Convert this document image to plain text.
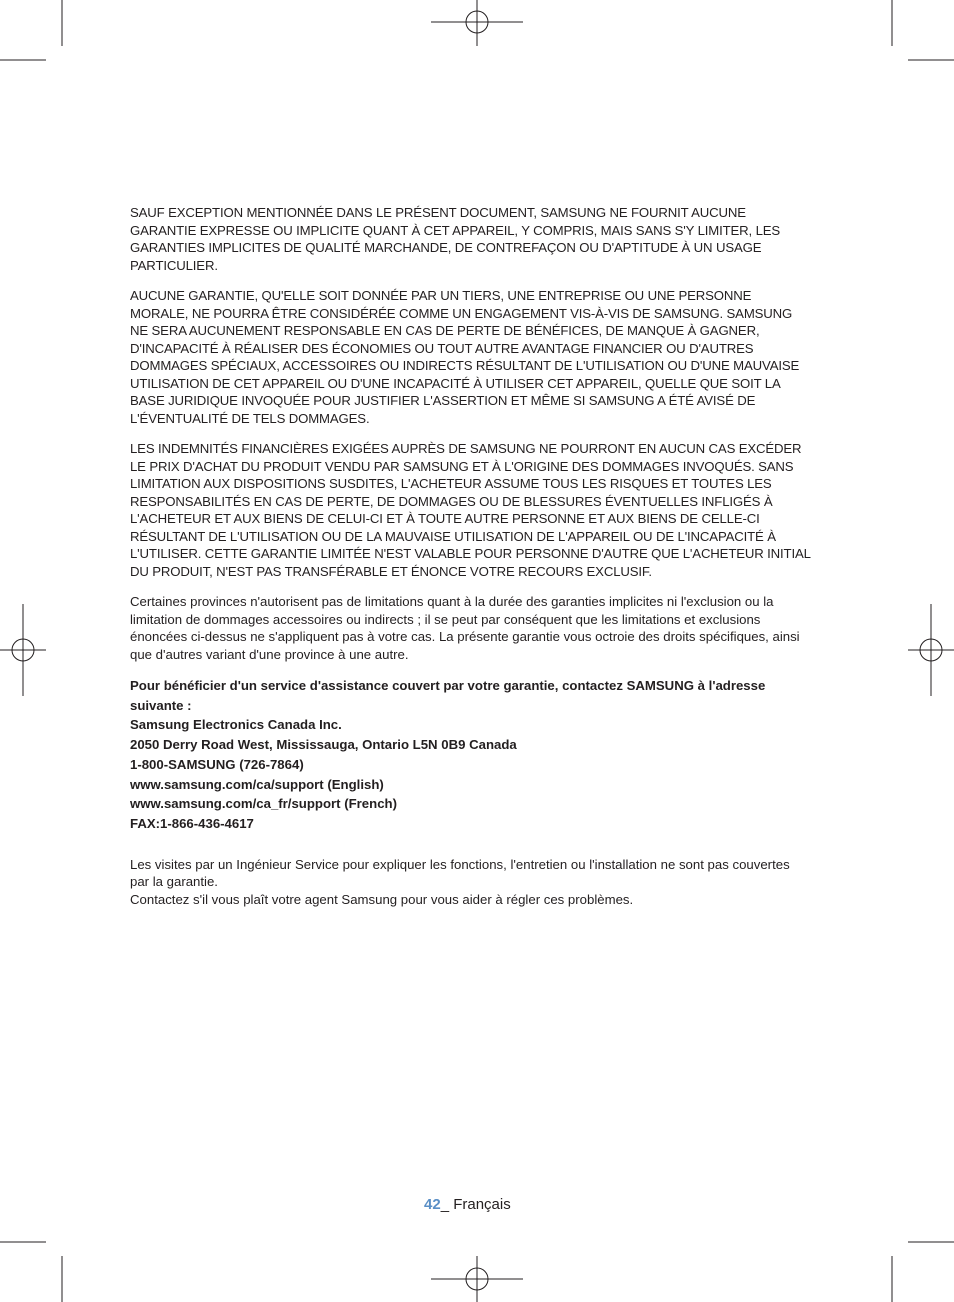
SAUF EXCEPTION MENTIONNÉE DANS LE PRÉSENT DOCUMENT, SAMSUNG NE FOURNIT AUCUNE GARANTIE EXPRESSE OU IMPLICITE QUANT À CET APPAREIL, Y COMPRIS, MAIS SANS S'Y LIMITER, LES GARANTIES IMPLICITES DE QUALITÉ MARCHANDE, DE CONTREFAÇON OU D'APTITUDE À UN USAGE PARTICULIER.

AUCUNE GARANTIE, QU'ELLE SOIT DONNÉE PAR UN TIERS, UNE ENTREPRISE OU UNE PERSONNE MORALE, NE POURRA ÊTRE CONSIDÉRÉE COMME UN ENGAGEMENT VIS-À-VIS DE SAMSUNG. SAMSUNG NE SERA AUCUNEMENT RESPONSABLE EN CAS DE PERTE DE BÉNÉFICES, DE MANQUE À GAGNER, D'INCAPACITÉ À RÉALISER DES ÉCONOMIES OU TOUT AUTRE AVANTAGE FINANCIER OU D'AUTRES DOMMAGES SPÉCIAUX, ACCESSOIRES OU INDIRECTS RÉSULTANT DE L'UTILISATION OU D'UNE MAUVAISE UTILISATION DE CET APPAREIL OU D'UNE INCAPACITÉ À UTILISER CET APPAREIL, QUELLE QUE SOIT LA BASE JURIDIQUE INVOQUÉE POUR JUSTIFIER L'ASSERTION ET MÊME SI SAMSUNG A ÉTÉ AVISÉ DE L'ÉVENTUALITÉ DE TELS DOMMAGES.

LES INDEMNITÉS FINANCIÈRES EXIGÉES AUPRÈS DE SAMSUNG NE POURRONT EN AUCUN CAS EXCÉDER LE PRIX D'ACHAT DU PRODUIT VENDU PAR SAMSUNG ET À L'ORIGINE DES DOMMAGES INVOQUÉS. SANS LIMITATION AUX DISPOSITIONS SUSDITES, L'ACHETEUR ASSUME TOUS LES RISQUES ET TOUTES LES RESPONSABILITÉS EN CAS DE PERTE, DE DOMMAGES OU DE BLESSURES ÉVENTUELLES INFLIGÉS À L'ACHETEUR ET AUX BIENS DE CELUI-CI ET À TOUTE AUTRE PERSONNE ET AUX BIENS DE CELLE-CI RÉSULTANT DE L'UTILISATION OU DE LA MAUVAISE UTILISATION DE L'APPAREIL OU DE L'INCAPACITÉ À L'UTILISER. CETTE GARANTIE LIMITÉE N'EST VALABLE POUR PERSONNE D'AUTRE QUE L'ACHETEUR INITIAL DU PRODUIT, N'EST PAS TRANSFÉRABLE ET ÉNONCE VOTRE RECOURS EXCLUSIF.

Certaines provinces n'autorisent pas de limitations quant à la durée des garanties implicites ni l'exclusion ou la limitation de dommages accessoires ou indirects ; il se peut par conséquent que les limitations et exclusions énoncées ci-dessus ne s'appliquent pas à votre cas. La présente garantie vous octroie des droits spécifiques, ainsi que d'autres variant d'une province à une autre.

Pour bénéficier d'un service d'assistance couvert par votre garantie, contactez SAMSUNG à l'adresse suivante :
Samsung Electronics Canada Inc.
2050 Derry Road West, Mississauga, Ontario L5N 0B9 Canada
1-800-SAMSUNG (726-7864)
www.samsung.com/ca/support (English)
www.samsung.com/ca_fr/support (French)
FAX:1-866-436-4617

Les visites par un Ingénieur Service pour expliquer les fonctions, l'entretien ou l'installation ne sont pas couvertes par la garantie.

Contactez s'il vous plaît votre agent Samsung pour vous aider à régler ces problèmes.

42_ Français
